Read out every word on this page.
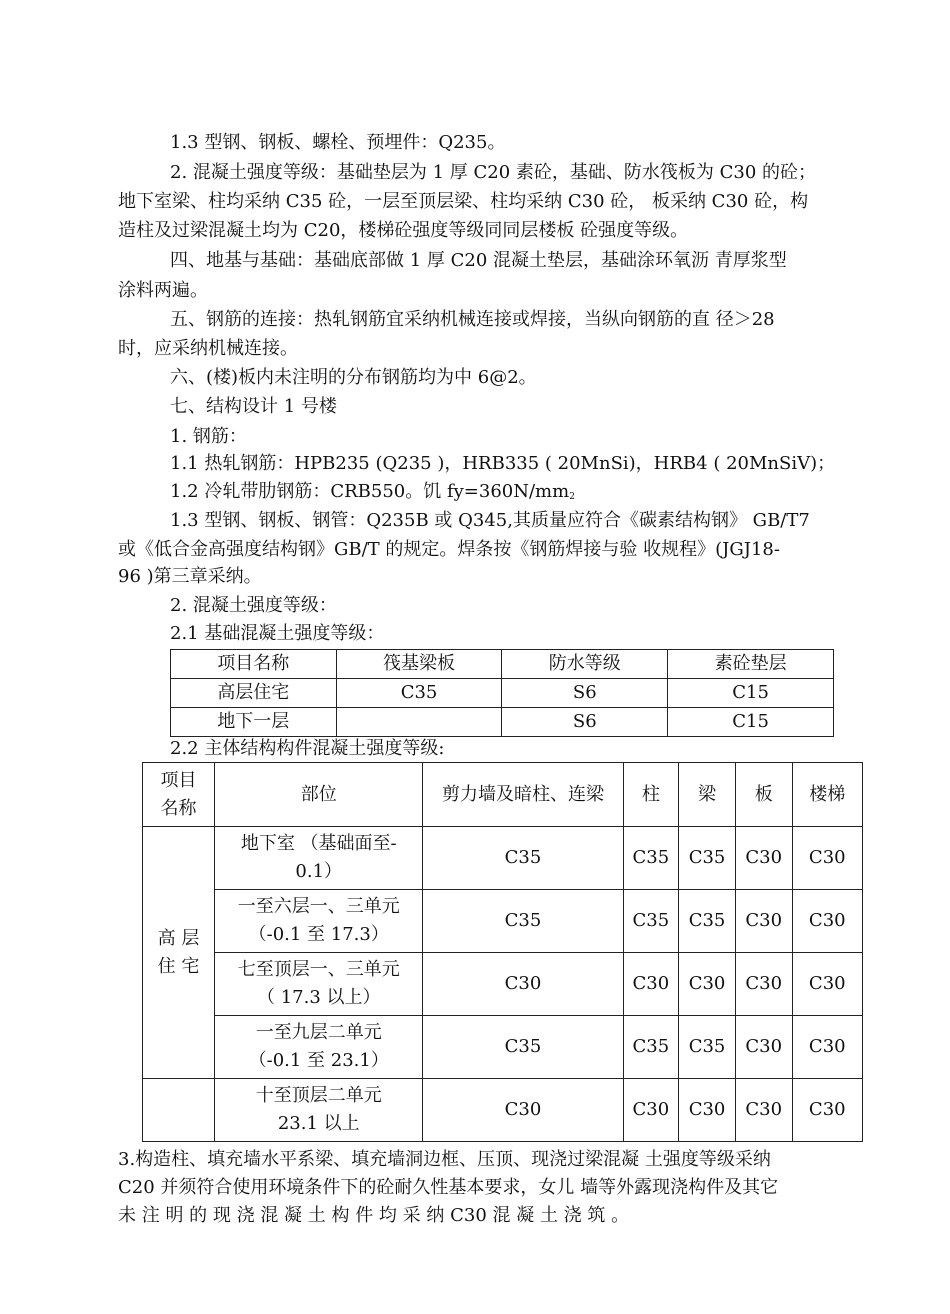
1.3 型钢、钢板、螺栓、预埋件：Q235。
2. 混凝土强度等级：基础垫层为 1 厚 C20 素砼，基础、防水筏板为 C30 的砼；
地下室梁、柱均采纳 C35 砼，一层至顶层梁、柱均采纳 C30 砼， 板采纳 C30 砼，构
造柱及过梁混凝土均为 C20，楼梯砼强度等级同同层楼板 砼强度等级。
四、地基与基础：基础底部做 1 厚 C20 混凝土垫层，基础涂环氧沥 青厚浆型
涂料两遍。
五、钢筋的连接：热轧钢筋宜采纳机械连接或焊接，当纵向钢筋的直 径＞28
时，应采纳机械连接。
六、(楼)板内未注明的分布钢筋均为中 6@2。
七、结构设计 1 号楼
1. 钢筋：
1.1 热轧钢筋：HPB235 (Q235 )，HRB335 ( 20MnSi)，HRB4 ( 20MnSiV)；
1.2 冷轧带肋钢筋：CRB550。饥 $fy=360N/mm_2$
1.3 型钢、钢板、钢管：Q235B 或 Q345,其质量应符合《碳素结构钢》 GB/T7
或《低合金高强度结构钢》GB/T 的规定。焊条按《钢筋焊接与验 收规程》(JGJ18-
96 )第三章采纳。
2. 混凝土强度等级：
2.1 基础混凝土强度等级：
项目名称	筏基梁板	防水等级	素砼垫层
高层住宅	C35	S6	C15
地下一层		S6	C15
2.2 主体结构构件混凝土强度等级:
项目
名称	部位	剪力墙及暗柱、连梁	柱	梁	板	楼梯
高 层
住 宅	地下室 （基础面至-
0.1）	C35	C35	C35	C30	C30
	一至六层一、三单元
（-0.1 至 17.3）	C35	C35	C35	C30	C30
	七至顶层一、三单元
（ 17.3 以上）	C30	C30	C30	C30	C30
	一至九层二单元
（-0.1 至 23.1）	C35	C35	C35	C30	C30
	十至顶层二单元
23.1 以上	C30	C30	C30	C30	C30
3.构造柱、填充墙水平系梁、填充墙洞边框、压顶、现浇过梁混凝 土强度等级采纳
C20 并须符合使用环境条件下的砼耐久性基本要求，女儿 墙等外露现浇构件及其它
未 注 明 的 现 浇 混 凝 土 构 件 均 采 纳 C30 混 凝 土 浇 筑 。
